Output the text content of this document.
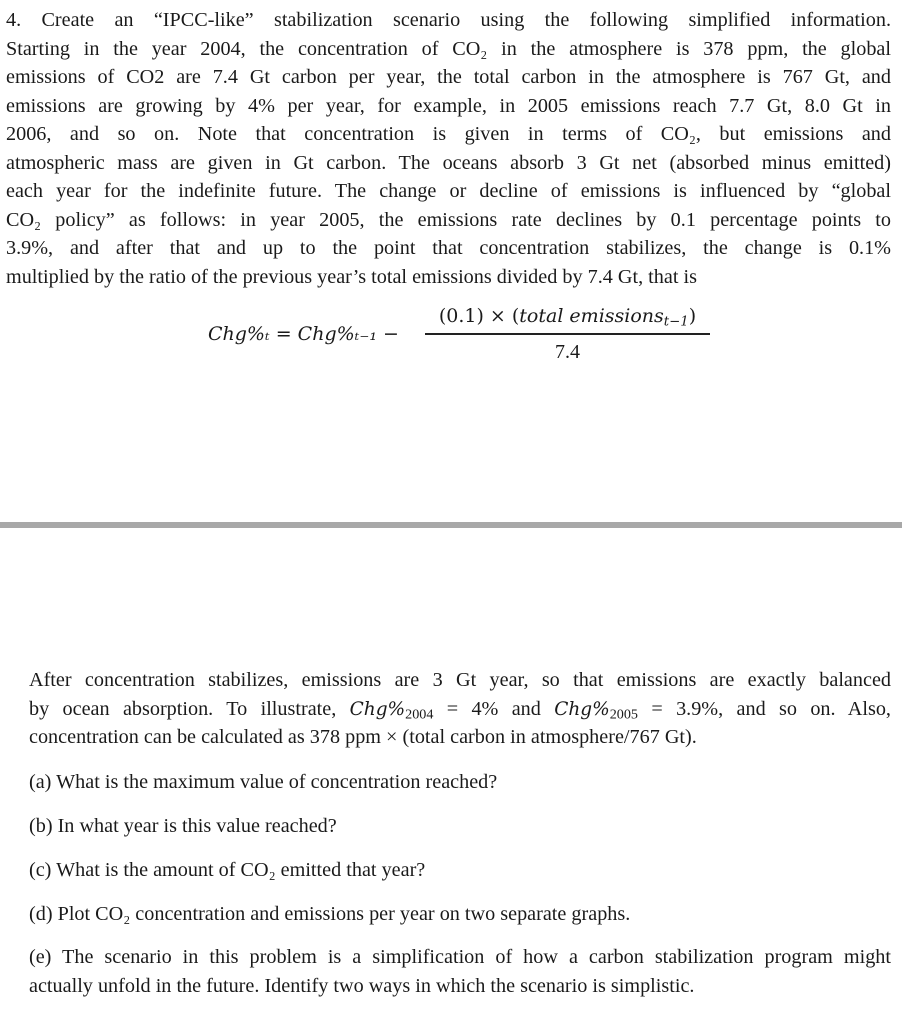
4. Create an “IPCC-like” stabilization scenario using the following simplified information.
Starting in the year 2004, the concentration of CO₂ in the atmosphere is 378 ppm, the global
emissions of CO2 are 7.4 Gt carbon per year, the total carbon in the atmosphere is 767 Gt, and
emissions are growing by 4% per year, for example, in 2005 emissions reach 7.7 Gt, 8.0 Gt in
2006, and so on. Note that concentration is given in terms of CO₂, but emissions and
atmospheric mass are given in Gt carbon. The oceans absorb 3 Gt net (absorbed minus emitted)
each year for the indefinite future. The change or decline of emissions is influenced by “global
CO₂ policy” as follows: in year 2005, the emissions rate declines by 0.1 percentage points to
3.9%, and after that and up to the point that concentration stabilizes, the change is 0.1%
multiplied by the ratio of the previous year’s total emissions divided by 7.4 Gt, that is
Chg%ₜ = Chg%ₜ₋₁ −
(0.1) × (total emissions$_{t-1}$)
7.4
After concentration stabilizes, emissions are 3 Gt year, so that emissions are exactly balanced
by ocean absorption. To illustrate, $Chg\%_{2004} = 4\%$ and $Chg\%_{2005} = 3.9\%$, and so on. Also,
concentration can be calculated as 378 ppm × (total carbon in atmosphere/767 Gt).

(a) What is the maximum value of concentration reached?

(b) In what year is this value reached?

(c) What is the amount of CO₂ emitted that year?

(d) Plot CO₂ concentration and emissions per year on two separate graphs.

(e) The scenario in this problem is a simplification of how a carbon stabilization program might
actually unfold in the future. Identify two ways in which the scenario is simplistic.
